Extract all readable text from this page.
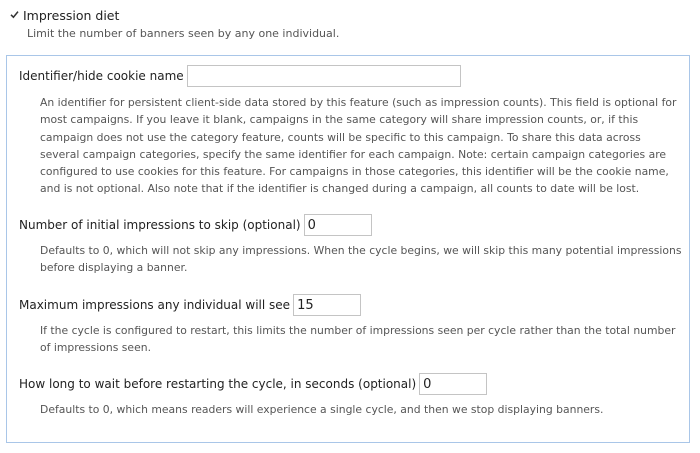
Impression diet
Limit the number of banners seen by any one individual.
Identifier/hide cookie name
An identifier for persistent client-side data stored by this feature (such as impression counts). This field is optional for most campaigns. If you leave it blank, campaigns in the same category will share impression counts, or, if this campaign does not use the category feature, counts will be specific to this campaign. To share this data across several campaign categories, specify the same identifier for each campaign. Note: certain campaign categories are configured to use cookies for this feature. For campaigns in those categories, this identifier will be the cookie name, and is not optional. Also note that if the identifier is changed during a campaign, all counts to date will be lost.
Number of initial impressions to skip (optional)
0
Defaults to 0, which will not skip any impressions. When the cycle begins, we will skip this many potential impressions before displaying a banner.
Maximum impressions any individual will see
15
If the cycle is configured to restart, this limits the number of impressions seen per cycle rather than the total number of impressions seen.
How long to wait before restarting the cycle, in seconds (optional)
0
Defaults to 0, which means readers will experience a single cycle, and then we stop displaying banners.
